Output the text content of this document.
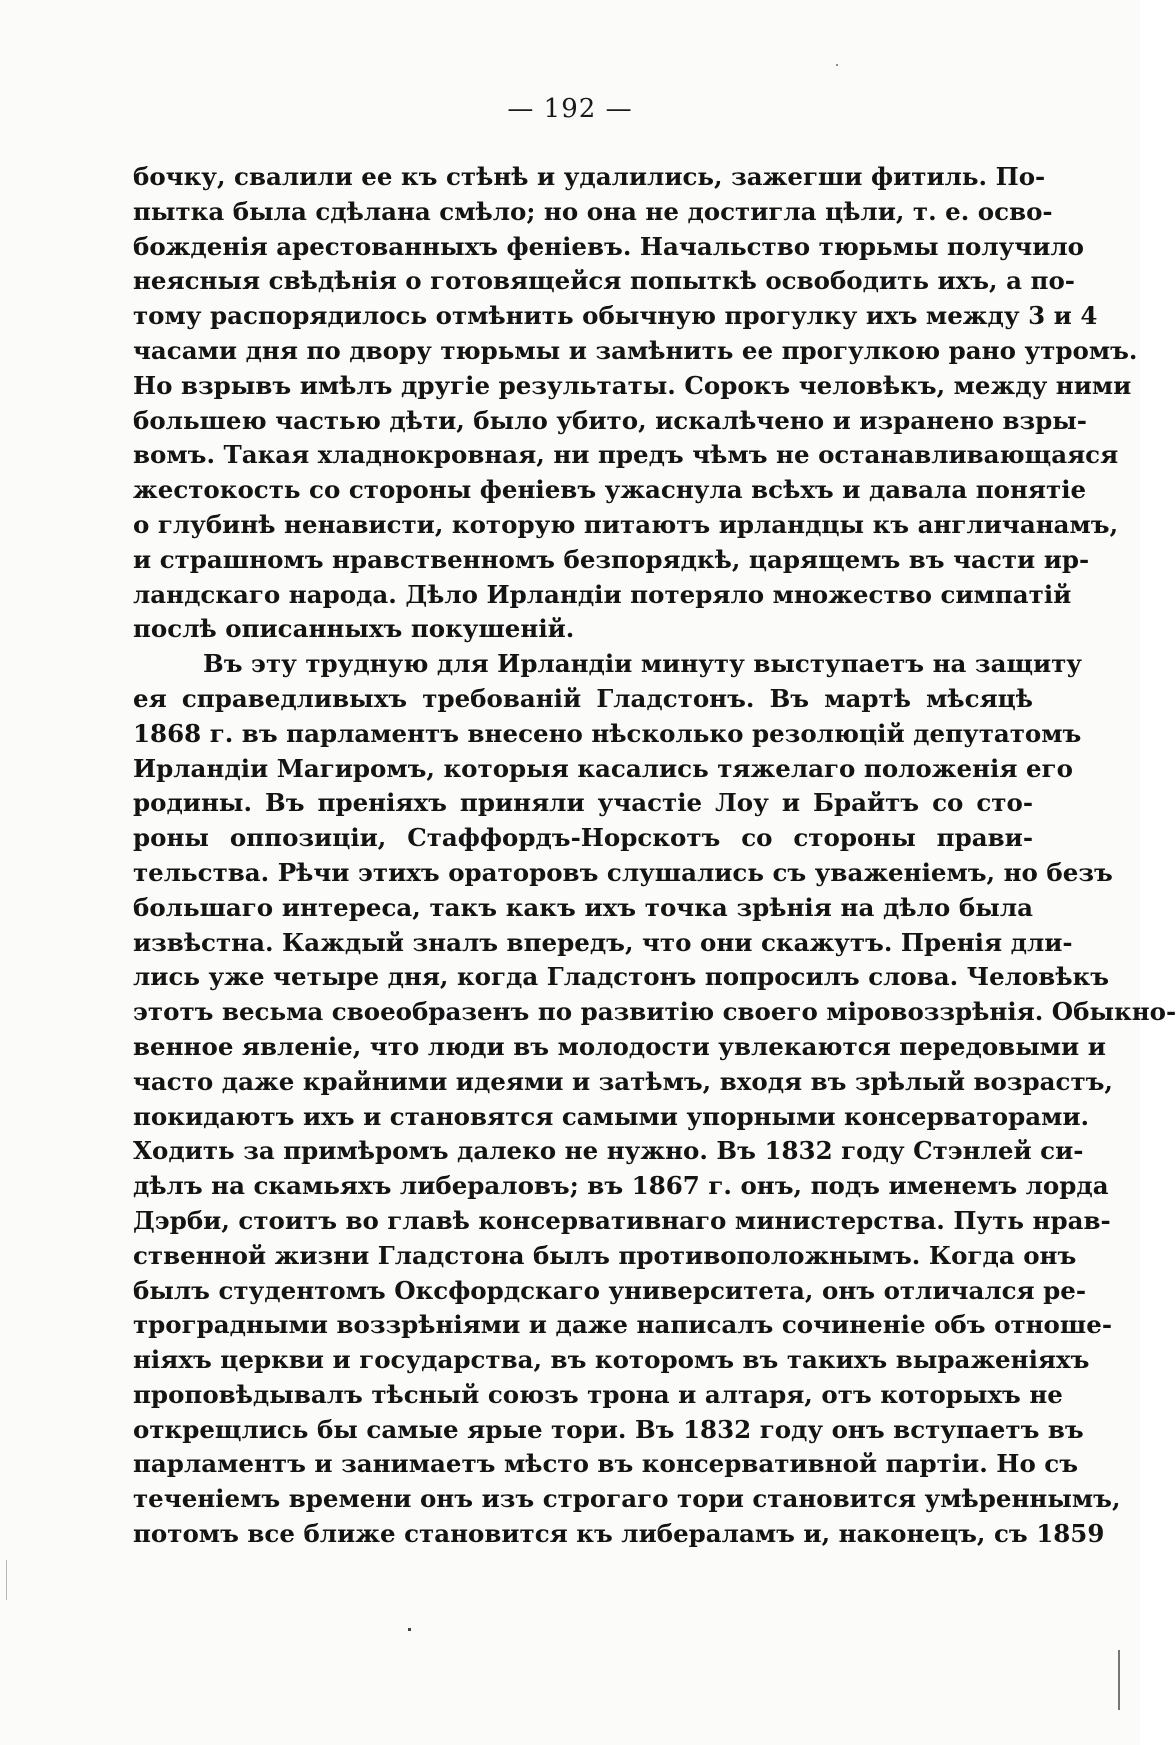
— 192 —
бочку, свалили ее къ стѣнѣ и удалились, зажегши фитиль. По-
пытка была сдѣлана смѣло; но она не достигла цѣли, т. е. осво-
божденія арестованныхъ феніевъ. Начальство тюрьмы получило
неясныя свѣдѣнія о готовящейся попыткѣ освободить ихъ, а по-
тому распорядилось отмѣнить обычную прогулку ихъ между 3 и 4
часами дня по двору тюрьмы и замѣнить ее прогулкою рано утромъ.
Но взрывъ имѣлъ другіе результаты. Сорокъ человѣкъ, между ними
большею частью дѣти, было убито, искалѣчено и изранено взры-
вомъ. Такая хладнокровная, ни предъ чѣмъ не останавливающаяся
жестокость со стороны феніевъ ужаснула всѣхъ и давала понятіе
о глубинѣ ненависти, которую питаютъ ирландцы къ англичанамъ,
и страшномъ нравственномъ безпорядкѣ, царящемъ въ части ир-
ландскаго народа. Дѣло Ирландіи потеряло множество симпатій
послѣ описанныхъ покушеній.
Въ эту трудную для Ирландіи минуту выступаетъ на защиту
ея справедливыхъ требованій Гладстонъ. Въ мартѣ мѣсяцѣ
1868 г. въ парламентъ внесено нѣсколько резолюцій депутатомъ
Ирландіи Магиромъ, которыя касались тяжелаго положенія его
родины. Въ преніяхъ приняли участіе Лоу и Брайтъ со сто-
роны оппозиціи, Стаффордъ-Норскотъ со стороны прави-
тельства. Рѣчи этихъ ораторовъ слушались съ уваженіемъ, но безъ
большаго интереса, такъ какъ ихъ точка зрѣнія на дѣло была
извѣстна. Каждый зналъ впередъ, что они скажутъ. Пренія дли-
лись уже четыре дня, когда Гладстонъ попросилъ слова. Человѣкъ
этотъ весьма своеобразенъ по развитію своего міровоззрѣнія. Обыкно-
венное явленіе, что люди въ молодости увлекаются передовыми и
часто даже крайними идеями и затѣмъ, входя въ зрѣлый возрастъ,
покидаютъ ихъ и становятся самыми упорными консерваторами.
Ходить за примѣромъ далеко не нужно. Въ 1832 году Стэнлей си-
дѣлъ на скамьяхъ либераловъ; въ 1867 г. онъ, подъ именемъ лорда
Дэрби, стоитъ во главѣ консервативнаго министерства. Путь нрав-
ственной жизни Гладстона былъ противоположнымъ. Когда онъ
былъ студентомъ Оксфордскаго университета, онъ отличался ре-
троградными воззрѣніями и даже написалъ сочиненіе объ отноше-
ніяхъ церкви и государства, въ которомъ въ такихъ выраженіяхъ
проповѣдывалъ тѣсный союзъ трона и алтаря, отъ которыхъ не
открещлись бы самые ярые тори. Въ 1832 году онъ вступаетъ въ
парламентъ и занимаетъ мѣсто въ консервативной партіи. Но съ
теченіемъ времени онъ изъ строгаго тори становится умѣреннымъ,
потомъ все ближе становится къ либераламъ и, наконецъ, съ 1859
